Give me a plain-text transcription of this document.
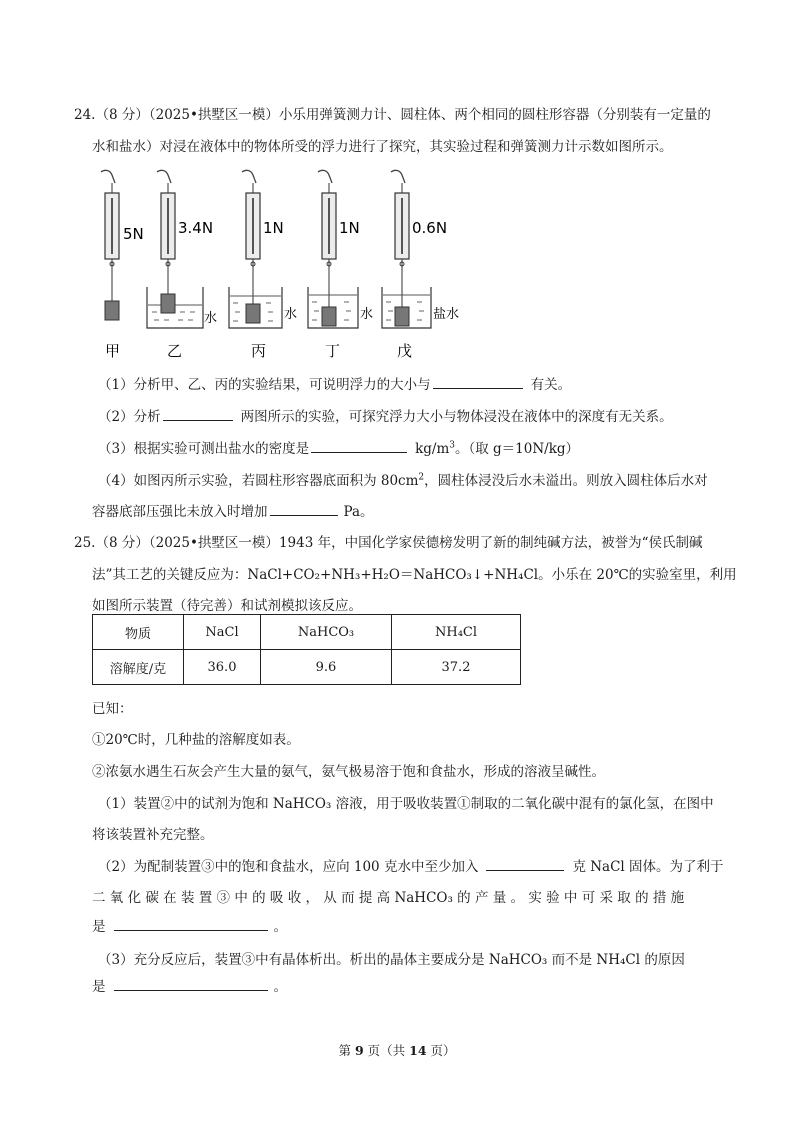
24.（8 分）（2025•拱墅区一模）小乐用弹簧测力计、圆柱体、两个相同的圆柱形容器（分别装有一定量的
水和盐水）对浸在液体中的物体所受的浮力进行了探究，其实验过程和弹簧测力计示数如图所示。
5N 3.4N
水
1N
水
1N
水
0.6N
盐水
甲	乙	丙	丁	戊
（1）分析甲、乙、丙的实验结果，可说明浮力的大小与	有关。
（2）分析	两图所示的实验，可探究浮力大小与物体浸没在液体中的深度有无关系。
（3）根据实验可测出盐水的密度是	$kg/m^3$。（取 g＝10N/kg）
（4）如图丙所示实验，若圆柱形容器底面积为 $80cm^2$，圆柱体浸没后水未溢出。则放入圆柱体后水对
容器底部压强比未放入时增加	Pa。
25.（8 分）（2025•拱墅区一模）1943 年，中国化学家侯德榜发明了新的制纯碱方法，被誉为“侯氏制碱
法”其工艺的关键反应为：NaCl+CO₂+NH₃+H₂O＝NaHCO₃↓+NH₄Cl。小乐在 20℃的实验室里，利用
如图所示装置（待完善）和试剂模拟该反应。
物质	NaCl	NaHCO₃	NH₄Cl
溶解度/克	36.0	9.6	37.2
已知：
①20℃时，几种盐的溶解度如表。
②浓氨水遇生石灰会产生大量的氨气，氨气极易溶于饱和食盐水，形成的溶液呈碱性。
（1）装置②中的试剂为饱和 NaHCO₃ 溶液，用于吸收装置①制取的二氧化碳中混有的氯化氢，在图中
将该装置补充完整。
（2）为配制装置③中的饱和食盐水，应向 100 克水中至少加入	克 NaCl 固体。为了利于
二 氧 化 碳 在 装 置 ③ 中 的 吸 收 ， 从 而 提 高 NaHCO₃ 的 产 量 。 实 验 中 可 采 取 的 措 施
是	。
（3）充分反应后，装置③中有晶体析出。析出的晶体主要成分是 NaHCO₃ 而不是 NH₄Cl 的原因
是	。
第 9 页（共 14 页）
